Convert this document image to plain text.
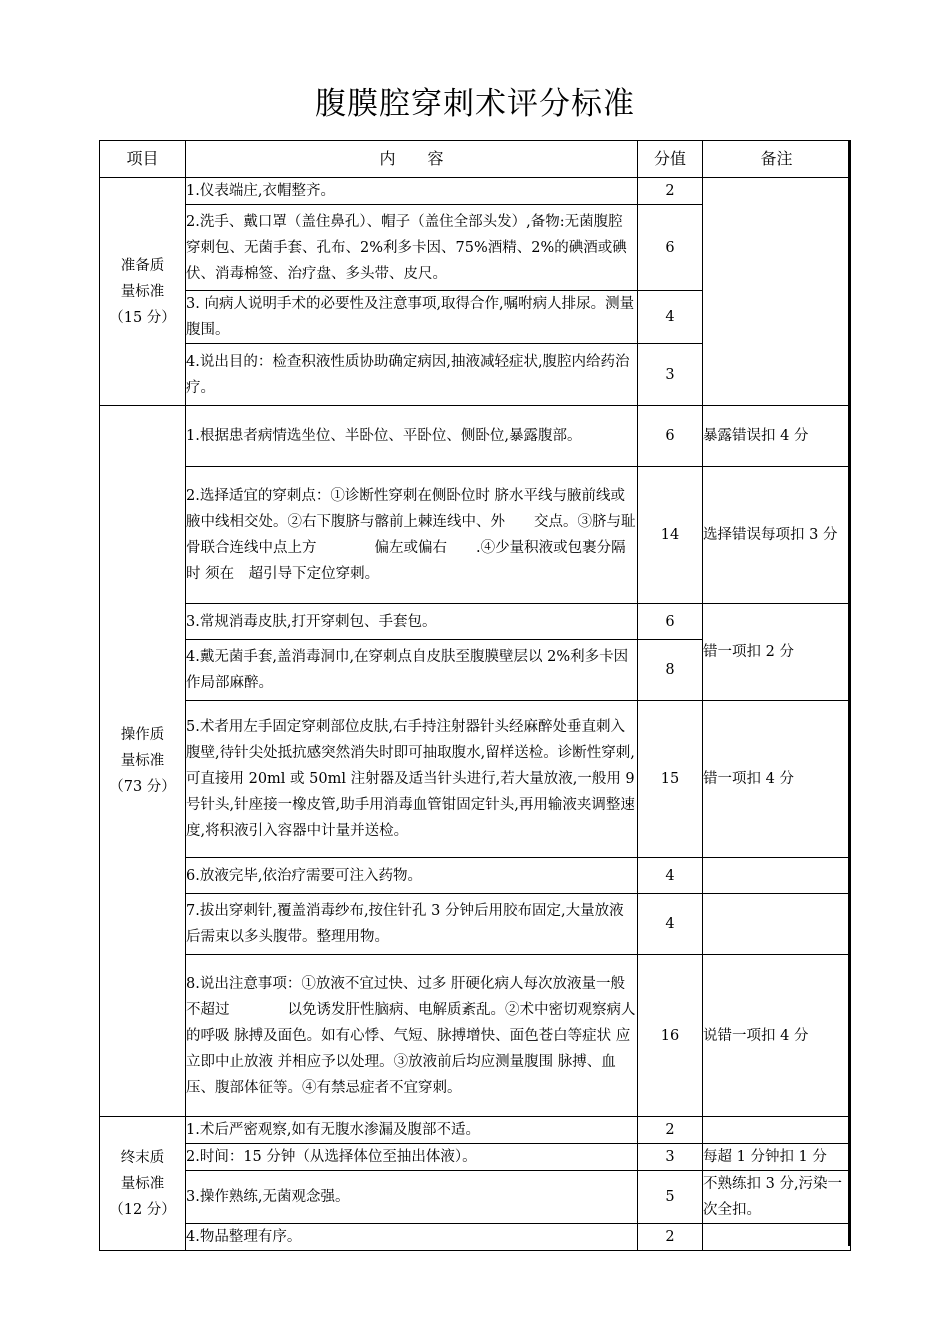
腹膜腔穿刺术评分标准
项目	内　　容	分值	备注

准备质
量标准
（15 分）	1.仪表端庄,衣帽整齐。	2	
	2.洗手、戴口罩（盖住鼻孔）、帽子（盖住全部头发）,备物:无菌腹腔穿刺包、无菌手套、孔布、2%利多卡因、75%酒精、2%的碘酒或碘伏、消毒棉签、治疗盘、多头带、皮尺。	6	
	3. 向病人说明手术的必要性及注意事项,取得合作,嘱咐病人排尿。测量腹围。	4	
	4.说出目的：检查积液性质协助确定病因,抽液减轻症状,腹腔内给药治疗。	3	

操作质
量标准
（73 分）	1.根据患者病情选坐位、半卧位、平卧位、侧卧位,暴露腹部。	6	暴露错误扣 4 分
	2.选择适宜的穿刺点：①诊断性穿刺在侧卧位时 脐水平线与腋前线或腋中线相交处。②右下腹脐与髂前上棘连线中、外　　交点。③脐与耻骨联合连线中点上方　　　　偏左或偏右　　.④少量积液或包裹分隔时 须在　超引导下定位穿刺。	14	选择错误每项扣 3 分
	3.常规消毒皮肤,打开穿刺包、手套包。	6	错一项扣 2 分
	4.戴无菌手套,盖消毒洞巾,在穿刺点自皮肤至腹膜壁层以 2%利多卡因作局部麻醉。	8	
	5.术者用左手固定穿刺部位皮肤,右手持注射器针头经麻醉处垂直刺入腹壁,待针尖处抵抗感突然消失时即可抽取腹水,留样送检。诊断性穿刺,可直接用 20ml 或 50ml 注射器及适当针头进行,若大量放液,一般用 9 号针头,针座接一橡皮管,助手用消毒血管钳固定针头,再用输液夹调整速度,将积液引入容器中计量并送检。	15	错一项扣 4 分
	6.放液完毕,依治疗需要可注入药物。	4	
	7.拔出穿刺针,覆盖消毒纱布,按住针孔 3 分钟后用胶布固定,大量放液后需束以多头腹带。整理用物。	4	
	8.说出注意事项：①放液不宜过快、过多 肝硬化病人每次放液量一般不超过　　　　以免诱发肝性脑病、电解质紊乱。②术中密切观察病人的呼吸 脉搏及面色。如有心悸、气短、脉搏增快、面色苍白等症状 应立即中止放液 并相应予以处理。③放液前后均应测量腹围 脉搏、血压、腹部体征等。④有禁忌症者不宜穿刺。	16	说错一项扣 4 分

终末质
量标准
（12 分）	1.术后严密观察,如有无腹水渗漏及腹部不适。	2	
	2.时间：15 分钟（从选择体位至抽出体液）。	3	每超 1 分钟扣 1 分
	3.操作熟练,无菌观念强。	5	不熟练扣 3 分,污染一次全扣。
	4.物品整理有序。	2	
